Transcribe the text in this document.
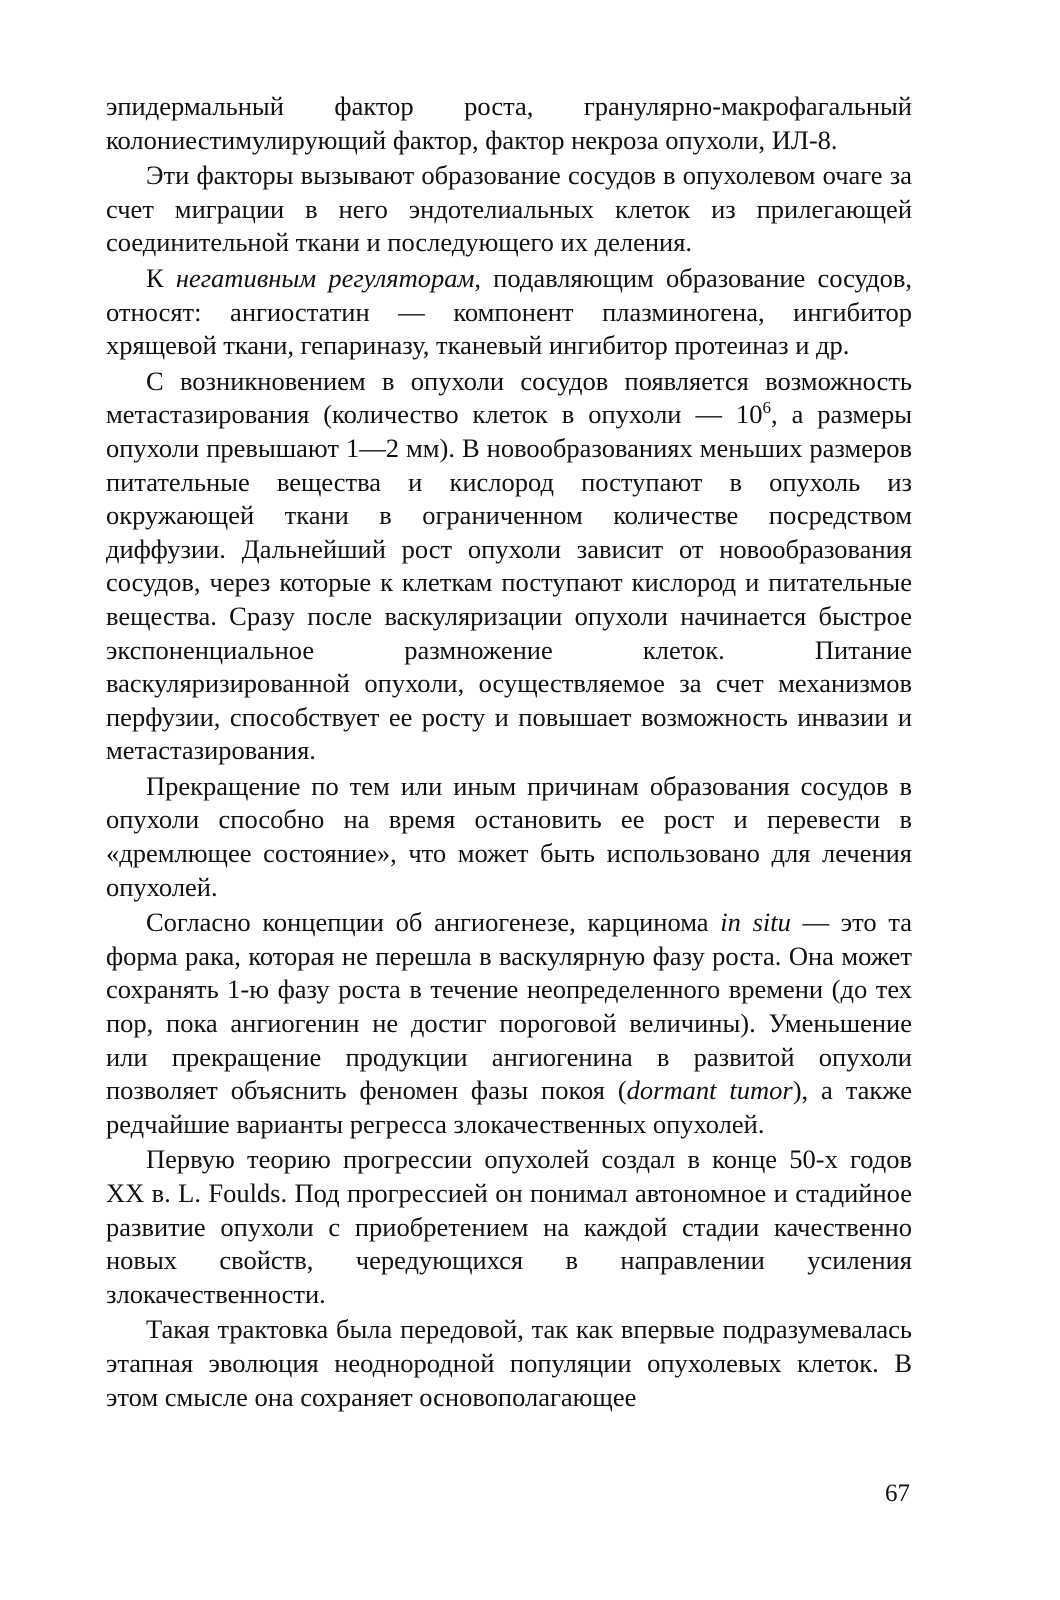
эпидермальный фактор роста, гранулярно-макрофагальный колониестимулирующий фактор, фактор некроза опухоли, ИЛ-8.

Эти факторы вызывают образование сосудов в опухолевом очаге за счет миграции в него эндотелиальных клеток из прилегающей соединительной ткани и последующего их деления.

К негативным регуляторам, подавляющим образование сосудов, относят: ангиостатин — компонент плазминогена, ингибитор хрящевой ткани, гепариназу, тканевый ингибитор протеиназ и др.

С возникновением в опухоли сосудов появляется возможность метастазирования (количество клеток в опухоли — $10^6$, а размеры опухоли превышают 1—2 мм). В новообразованиях меньших размеров питательные вещества и кислород поступают в опухоль из окружающей ткани в ограниченном количестве посредством диффузии. Дальнейший рост опухоли зависит от новообразования сосудов, через которые к клеткам поступают кислород и питательные вещества. Сразу после васкуляризации опухоли начинается быстрое экспоненциальное размножение клеток. Питание васкуляризированной опухоли, осуществляемое за счет механизмов перфузии, способствует ее росту и повышает возможность инвазии и метастазирования.

Прекращение по тем или иным причинам образования сосудов в опухоли способно на время остановить ее рост и перевести в «дремлющее состояние», что может быть использовано для лечения опухолей.

Согласно концепции об ангиогенезе, карцинома in situ — это та форма рака, которая не перешла в васкулярную фазу роста. Она может сохранять 1-ю фазу роста в течение неопределенного времени (до тех пор, пока ангиогенин не достиг пороговой величины). Уменьшение или прекращение продукции ангиогенина в развитой опухоли позволяет объяснить феномен фазы покоя (dormant tumor), а также редчайшие варианты регресса злокачественных опухолей.

Первую теорию прогрессии опухолей создал в конце 50-х годов XX в. L. Foulds. Под прогрессией он понимал автономное и стадийное развитие опухоли с приобретением на каждой стадии качественно новых свойств, чередующихся в направлении усиления злокачественности.

Такая трактовка была передовой, так как впервые подразумевалась этапная эволюция неоднородной популяции опухолевых клеток. В этом смысле она сохраняет основополагающее

67
